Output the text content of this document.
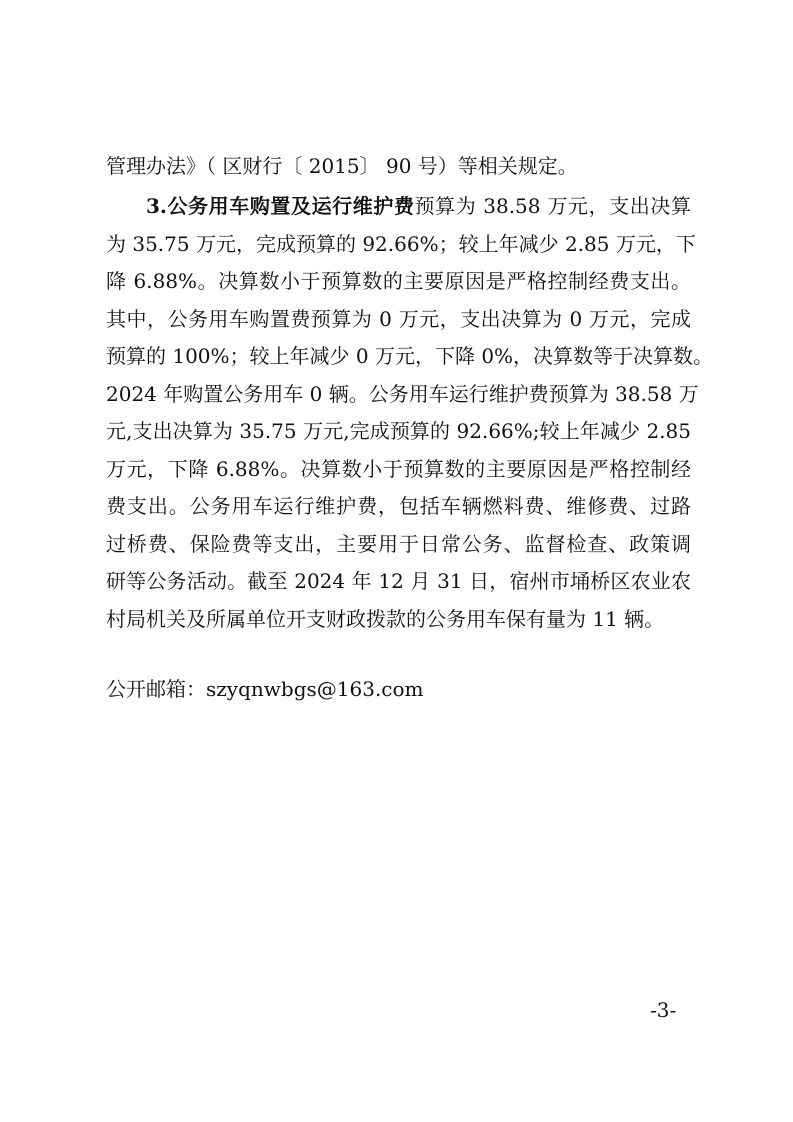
管理办法》（ 区财行〔 2015〕 90 号）等相关规定。
3.公务用车购置及运行维护费预算为 38.58 万元，支出决算
为 35.75 万元，完成预算的 92.66%；较上年减少 2.85 万元，下
降 6.88%。决算数小于预算数的主要原因是严格控制经费支出。
其中，公务用车购置费预算为 0 万元，支出决算为 0 万元，完成
预算的 100%；较上年减少 0 万元，下降 0%，决算数等于决算数。
2024 年购置公务用车 0 辆。公务用车运行维护费预算为 38.58 万
元,支出决算为 35.75 万元,完成预算的 92.66%;较上年减少 2.85
万元，下降 6.88%。决算数小于预算数的主要原因是严格控制经
费支出。公务用车运行维护费，包括车辆燃料费、维修费、过路
过桥费、保险费等支出，主要用于日常公务、监督检查、政策调
研等公务活动。截至 2024 年 12 月 31 日，宿州市埇桥区农业农
村局机关及所属单位开支财政拨款的公务用车保有量为 11 辆。
公开邮箱：szyqnwbgs@163.com
-3-
